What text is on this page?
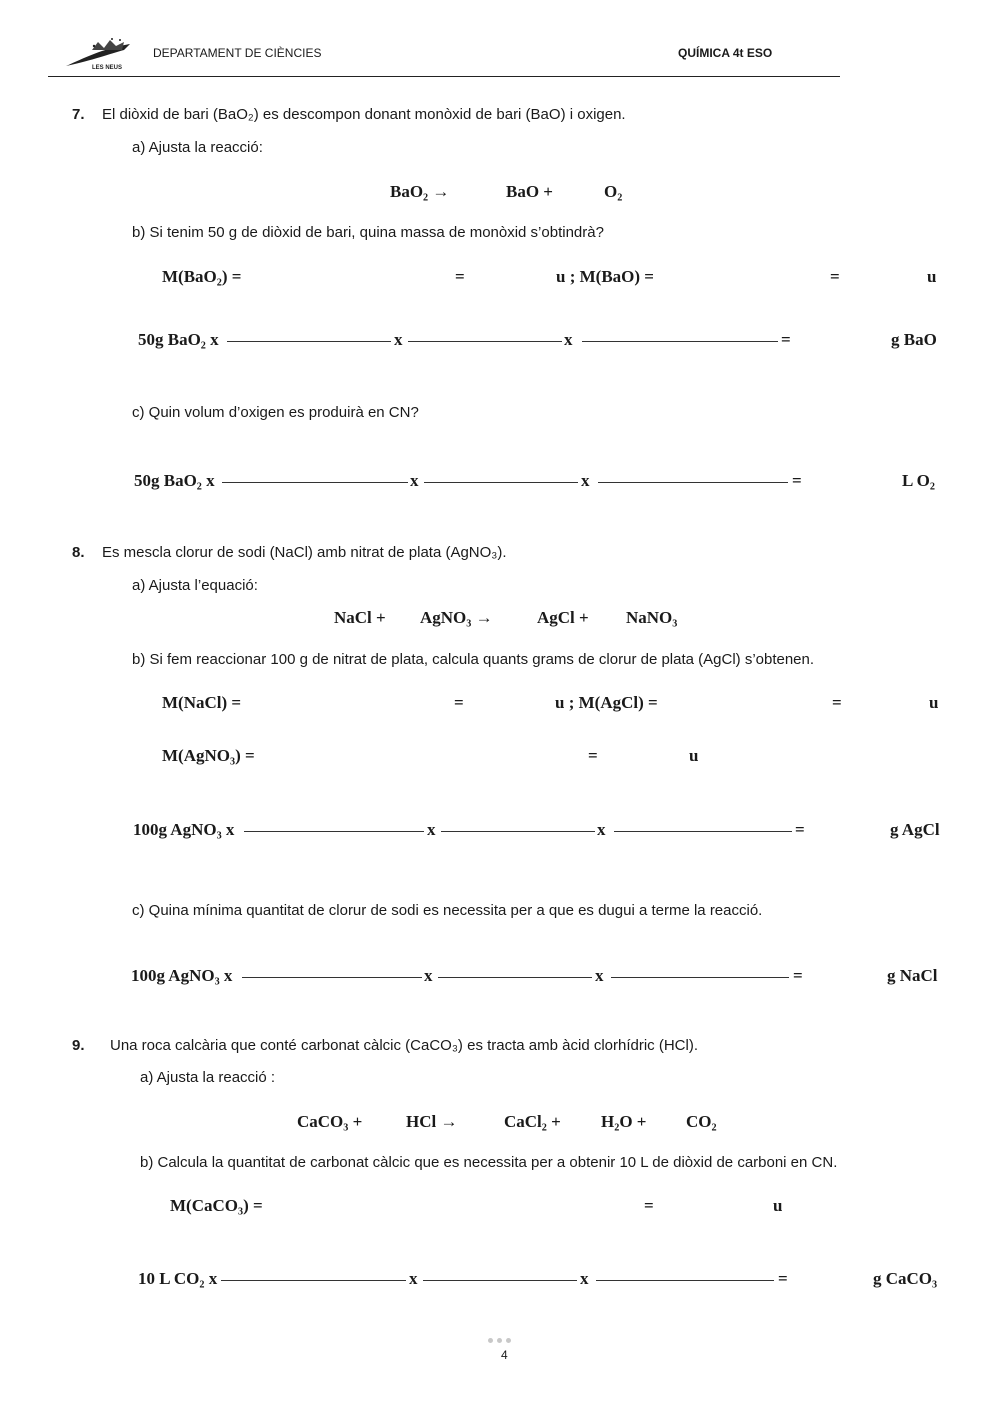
LES NEUS
DEPARTAMENT DE CIÈNCIES	QUÍMICA 4t ESO
7. El diòxid de bari (BaO₂) es descompon donant monòxid de bari (BaO) i oxigen.
a) Ajusta la reacció:
BaO₂ →	BaO +	O₂
b) Si tenim 50 g de diòxid de bari, quina massa de monòxid s’obtindrà?
M(BaO₂) =	=	u ; M(BaO) =	=	u
50g BaO₂ x	x	x	=	g BaO
c) Quin volum d’oxigen es produirà en CN?
50g BaO₂ x	x	x	=	L O₂
8. Es mescla clorur de sodi (NaCl) amb nitrat de plata (AgNO₃).
a) Ajusta l’equació:
NaCl + AgNO₃ →	AgCl + NaNO₃
b) Si fem reaccionar 100 g de nitrat de plata, calcula quants grams de clorur de plata (AgCl) s’obtenen.
M(NaCl) =	=	u ; M(AgCl) =	=	u
M(AgNO₃) =	=	u
100g AgNO₃ x	x	x	=	g AgCl
c) Quina mínima quantitat de clorur de sodi es necessita per a que es dugui a terme la reacció.
100g AgNO₃ x	x	x	=	g NaCl
9. Una roca calcària que conté carbonat càlcic (CaCO₃) es tracta amb àcid clorhídric (HCl).
a) Ajusta la reacció :
CaCO₃ +	HCl →	CaCl₂ + H₂O + CO₂
b) Calcula la quantitat de carbonat càlcic que es necessita per a obtenir 10 L de diòxid de carboni en CN.
M(CaCO₃) =	=	u
10 L CO₂ x	x	x	=	g CaCO₃
4
